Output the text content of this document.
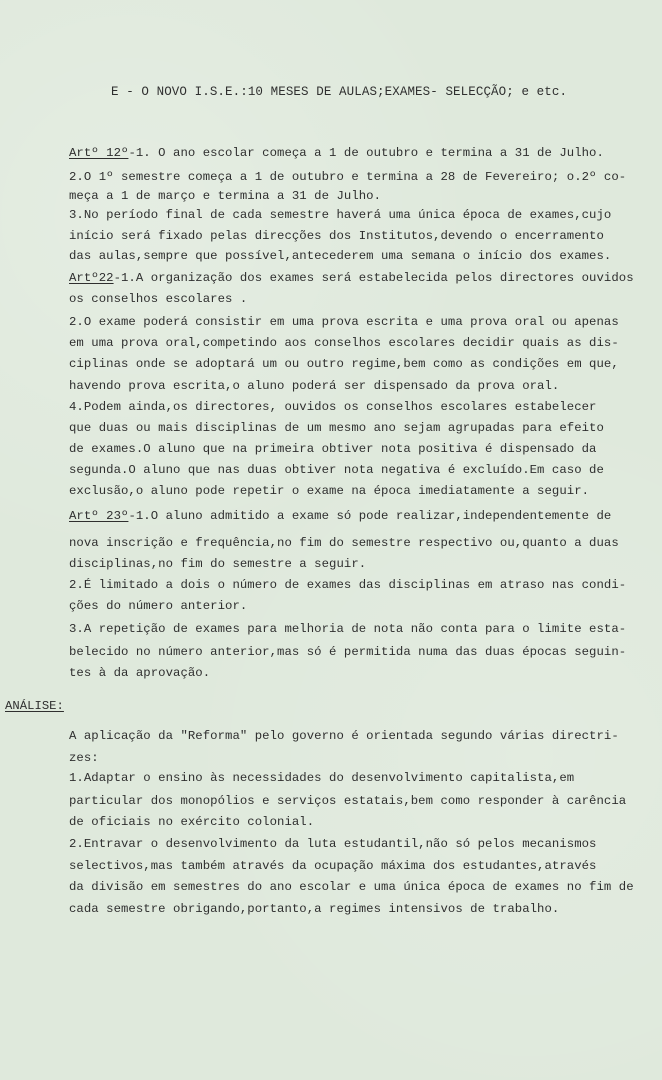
E - O NOVO I.S.E.:10 MESES DE AULAS;EXAMES- SELECÇÃO; e etc.
Artº 12º-1. O ano escolar começa a 1 de outubro e termina a 31 de Julho.
2.O 1º semestre começa a 1 de outubro e termina a 28 de Fevereiro; o.2º co-
meça a 1 de março e termina a 31 de Julho.
3.No período final de cada semestre haverá uma única época de exames,cujo
início será fixado pelas direcções dos Institutos,devendo o encerramento
das aulas,sempre que possível,antecederem uma semana o início dos exames.
Artº22-1.A organização dos exames será estabelecida pelos directores ouvidos
os conselhos escolares .
2.O exame poderá consistir em uma prova escrita e uma prova oral ou apenas
em uma prova oral,competindo aos conselhos escolares decidir quais as dis-
ciplinas onde se adoptará um ou outro regime,bem como as condições em que,
havendo prova escrita,o aluno poderá ser dispensado da prova oral.
4.Podem ainda,os directores, ouvidos os conselhos escolares estabelecer
que duas ou mais disciplinas de um mesmo ano sejam agrupadas para efeito
de exames.O aluno que na primeira obtiver nota positiva é dispensado da
segunda.O aluno que nas duas obtiver nota negativa é excluído.Em caso de
exclusão,o aluno pode repetir o exame na época imediatamente a seguir.
Artº 23º-1.O aluno admitido a exame só pode realizar,independentemente de
nova inscrição e frequência,no fim do semestre respectivo ou,quanto a duas
disciplinas,no fim do semestre a seguir.
2.É limitado a dois o número de exames das disciplinas em atraso nas condi-
ções do número anterior.
3.A repetição de exames para melhoria de nota não conta para o limite esta-
belecido no número anterior,mas só é permitida numa das duas épocas seguin-
tes à da aprovação.
ANÁLISE:
A aplicação da "Reforma" pelo governo é orientada segundo várias directri-
zes:
1.Adaptar o ensino às necessidades do desenvolvimento capitalista,em
particular dos monopólios e serviços estatais,bem como responder à carência
de oficiais no exército colonial.
2.Entravar o desenvolvimento da luta estudantil,não só pelos mecanismos
selectivos,mas também através da ocupação máxima dos estudantes,através
da divisão em semestres do ano escolar e uma única época de exames no fim de
cada semestre obrigando,portanto,a regimes intensivos de trabalho.
